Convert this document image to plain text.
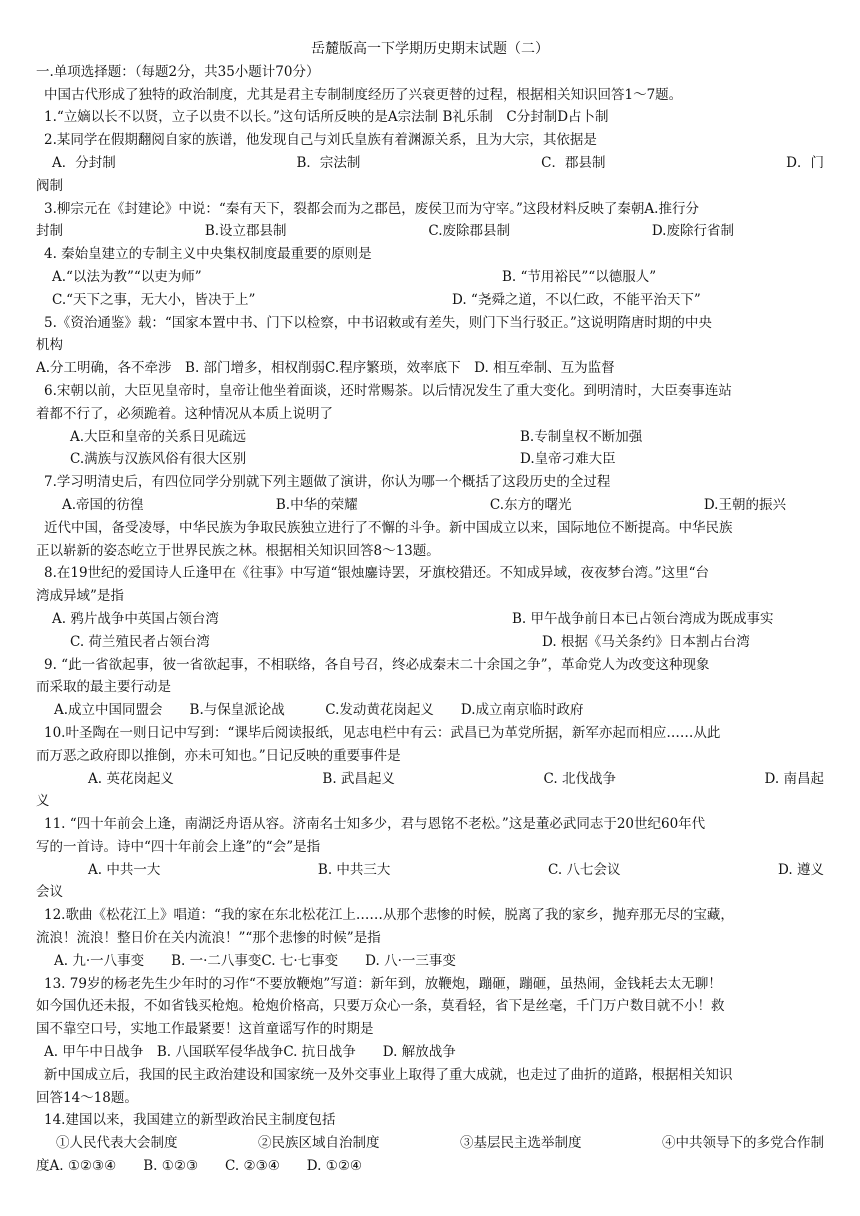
岳麓版高一下学期历史期末试题（二）
一.单项选择题：（每题2分，共35小题计70分）
中国古代形成了独特的政治制度，尤其是君主专制制度经历了兴衰更替的过程，根据相关知识回答1～7题。
1.“立嫡以长不以贤，立子以贵不以长。”这句话所反映的是A宗法制 B礼乐制　C分封制D占卜制
2.某同学在假期翻阅自家的族谱，他发现自己与刘氏皇族有着渊源关系，且为大宗，其依据是
A．分封制	B．宗法制	C．郡县制	D．门
阀制
3.柳宗元在《封建论》中说：“秦有天下，裂都会而为之郡邑，废侯卫而为守宰。”这段材料反映了秦朝A.推行分
封制	B.设立郡县制	C.废除郡县制	D.废除行省制
4. 秦始皇建立的专制主义中央集权制度最重要的原则是
A.“以法为教”“以吏为师”	B. “节用裕民”“以德服人”
C.“天下之事，无大小，皆决于上”	D. “尧舜之道，不以仁政，不能平治天下”
5.《资治通鉴》载：“国家本置中书、门下以检察，中书诏敕或有差失，则门下当行驳正。”这说明隋唐时期的中央
机构
A.分工明确，各不牵涉　B. 部门增多，相权削弱C.程序繁琐，效率底下　D. 相互牵制、互为监督
6.宋朝以前，大臣见皇帝时，皇帝让他坐着面谈，还时常赐茶。以后情况发生了重大变化。到明清时，大臣奏事连站
着都不行了，必须跪着。这种情况从本质上说明了
A.大臣和皇帝的关系日见疏远	B.专制皇权不断加强
C.满族与汉族风俗有很大区别	D.皇帝刁难大臣
7.学习明清史后，有四位同学分别就下列主题做了演讲，你认为哪一个概括了这段历史的全过程
A.帝国的彷徨	B.中华的荣耀	C.东方的曙光	D.王朝的振兴
近代中国，备受凌辱，中华民族为争取民族独立进行了不懈的斗争。新中国成立以来，国际地位不断提高。中华民族
正以崭新的姿态屹立于世界民族之林。根据相关知识回答8～13题。
8.在19世纪的爱国诗人丘逢甲在《往事》中写道“银烛鏖诗罢，牙旗校猎还。不知成异域，夜夜梦台湾。”这里“台
湾成异域”是指
A. 鸦片战争中英国占领台湾	B. 甲午战争前日本已占领台湾成为既成事实
C. 荷兰殖民者占领台湾	D. 根据《马关条约》日本割占台湾
9. “此一省欲起事，彼一省欲起事，不相联络，各自号召，终必成秦末二十余国之争”，革命党人为改变这种现象
而采取的最主要行动是
A.成立中国同盟会　　B.与保皇派论战　　　C.发动黄花岗起义　　D.成立南京临时政府
10.叶圣陶在一则日记中写到：“课毕后阅读报纸，见志电栏中有云：武昌已为革党所据，新军亦起而相应……从此
而万恶之政府即以推倒，亦未可知也。”日记反映的重要事件是
A. 英花岗起义	B. 武昌起义	C. 北伐战争	D. 南昌起
义
11. “四十年前会上逢，南湖泛舟语从容。济南名士知多少，君与恩铭不老松。”这是董必武同志于20世纪60年代
写的一首诗。诗中“四十年前会上逢”的“会”是指
A. 中共一大	B. 中共三大	C. 八七会议	D. 遵义
会议
12.歌曲《松花江上》唱道：“我的家在东北松花江上……从那个悲惨的时候，脱离了我的家乡，抛弃那无尽的宝藏，
流浪！流浪！整日价在关内流浪！”“那个悲惨的时候”是指
A. 九·一八事变　　B. 一·二八事变C. 七·七事变　　D. 八·一三事变
13. 79岁的杨老先生少年时的习作“不要放鞭炮”写道：新年到，放鞭炮，蹦砸，蹦砸，虽热闹，金钱耗去太无聊！
如今国仇还未报，不如省钱买枪炮。枪炮价格高，只要万众心一条，莫看轻，省下是丝毫，千门万户数目就不小！救
国不靠空口号，实地工作最紧要！这首童谣写作的时期是
A. 甲午中日战争　B. 八国联军侵华战争C. 抗日战争　　D. 解放战争
新中国成立后，我国的民主政治建设和国家统一及外交事业上取得了重大成就，也走过了曲折的道路，根据相关知识
回答14～18题。
14.建国以来，我国建立的新型政治民主制度包括
①人民代表大会制度	②民族区域自治制度	③基层民主选举制度	④中共领导下的多党合作制
度A. ①②③④　　B. ①②③　　C. ②③④　　D. ①②④
